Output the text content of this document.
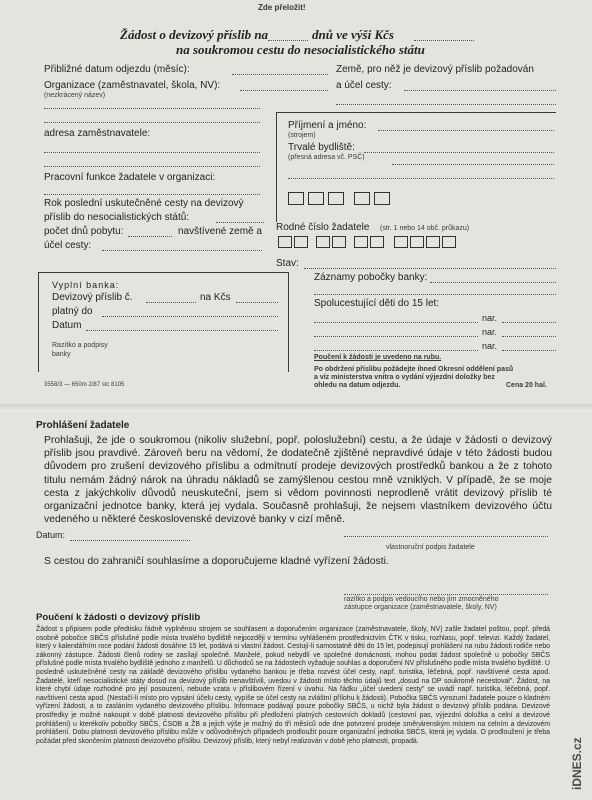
Zde přeložit!
Žádost o devizový příslib na	dnů ve výši Kčs
na soukromou cestu do nesocialistického státu
Přibližné datum odjezdu (měsíc):
Organizace (zaměstnavatel, škola, NV):
(nezkrácený název)
adresa zaměstnavatele:
Pracovní funkce žadatele v organizaci:
Rok poslední uskutečněné cesty na devizový
příslib do nesocialistických států:
počet dnů pobytu:	navštívené země a
účel cesty:
Země, pro něž je devizový příslib požadován
a účel cesty:
Příjmení a jméno:
(strojem)
Trvalé bydliště:
(přesná adresa vč. PSČ)
Rodné číslo žadatele (str. 1 nebo 14 obč. průkazu)
Stav:
Vyplní banka:
Devizový příslib č.	na Kčs
platný do
Datum
Razítko a podpisy
banky
3558/3 — 650m 2/87 stc 8105
Záznamy pobočky banky:
Spolucestující děti do 15 let:
nar.
nar.
nar.
Poučení k žádosti je uvedeno na rubu.
Po obdržení příslibu požádejte ihned Okresní oddělení pasů
a víz ministerstva vnitra o vydání výjezdní doložky bez
ohledu na datum odjezdu.	Cena 20 hal.
Prohlášení žadatele
Prohlašuji, že jde o soukromou (nikoliv služební, popř. poloslužební) cestu, a že údaje v žádosti o devizový příslib jsou pravdivé. Zároveň beru na vědomí, že dodatečně zjištěné nepravdivé údaje v této žádosti budou důvodem pro zrušení devizového příslibu a odmítnutí prodeje devizových prostředků bankou a že z tohoto titulu nemám žádný nárok na úhradu nákladů se zamýšlenou cestou mně vzniklých. V případě, že se moje cesta z jakýchkoliv důvodů neuskuteční, jsem si vědom povinnosti neprodleně vrátit devizový příslib té organizační jednotce banky, která jej vydala. Současně prohlašuji, že nejsem vlastníkem devizového účtu vedeného u některé československé devizové banky v cizí měně.
Datum:
vlastnoruční podpis žadatele
S cestou do zahraničí souhlasíme a doporučujeme kladné vyřízení žádosti.
razítko a podpis vedoucího nebo jím zmocněného
zástupce organizace (zaměstnavatele, školy, NV)
Poučení k žádosti o devizový příslib
Žádost s připisem podle předtisku řádně vyplněnou strojem se souhlasem a doporučením organizace (zaměstnavatele, školy, NV) zašle žadatel poštou, popř. předá osobně pobočce SBČS příslušné podle místa trvalého bydliště nejpozději v termínu vyhlášeném prostřednictvím ČTK v tisku, rozhlasu, popř. televizi. Každý žadatel, který v kalendářním roce podání žádosti dosáhne 15 let, podává si vlastní žádost. Cestují-li samostatně děti do 15 let, podepisují prohlášení na rubu žádosti rodiče nebo zákonný zástupce. Žádosti členů rodiny se zasílají společně. Manželé, pokud nebydlí ve společné domácnosti, mohou podat žádost společně u pobočky SBČS příslušné podle místa trvalého bydliště jednoho z manželů. U důchodců se na žádostech vyžaduje souhlas a doporučení NV příslušného podle místa trvalého bydliště. U posledně uskutečněné cesty na základě devizového příslibu vydaného bankou je třeba rozvést účel cesty, např. turistika, léčebná, popř. navštívené cesta apod. Žadatelé, kteří nesocialistické státy dosud na devizový příslib nenavštívili, uvedou v žádosti místo těchto údajů text „dosud na DP soukromě necestoval". Žádost, na které chybí údaje rozhodné pro její posouzení, nebude vzata v příslibovém řízení v úvahu. Na řádku „účel uvedení cesty" se uvádí např. turistika, léčebná, popř. navštívení cesta apod. (Nestačí-li místo pro vypsání účelu cesty, vypíše se účel cesty na zvláštní přílohu k žádosti). Pobočka SBČS vyrozumí žadatele pouze o kladném vyřízení žádosti, a to zasláním vydaného devizového příslibu. Informace podávají pouze pobočky SBČS, u nichž byla žádost o devizový příslib podána. Devizové prostředky je možné nakoupit v době platnosti devizového příslibu při předložení platných cestovních dokladů (cestovní pas, výjezdní doložka a celní a devizové prohlášení) u kterékoliv pobočky SBČS, ČSOB a ŽB a jejich výše je možný do tří měsíců ode dne potvrzení prodeje směnárenským místem na celním a devizovém prohlášení. Dobu platnosti devizového příslibu může v odůvodněných případech prodloužit pouze organizační jednotka SBČS, která jej vydala. O prodloužení je třeba požádat před skončením platnosti devizového příslibu. Devizový příslib, který nebyl realizován v době jeho platnosti, propadá.	iDNES.cz
